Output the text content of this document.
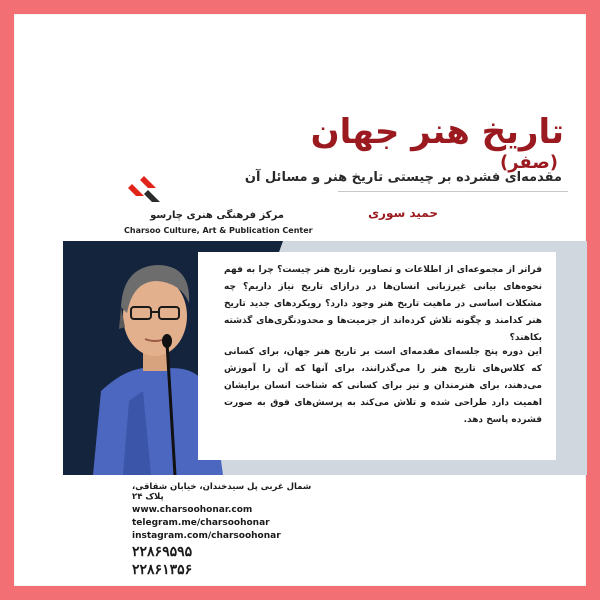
تاریخ هنر جهان (صفر)
مقدمه‌ای فشرده بر چیستی تاریخ هنر و مسائل آن
حمید سوری
مرکز فرهنگی هنری چارسو
Charsoo Culture, Art & Publication Center
فراتر از مجموعه‌ای از اطلاعات و تصاویر، تاریخ هنر چیست؟ چرا به فهم نحوه‌های بیانی غیرزبانی انسان‌ها در درازای تاریخ نیاز داریم؟ چه مشکلات اساسی در ماهیت تاریخ هنر وجود دارد؟ رویکردهای جدید تاریخ هنر کدامند و چگونه تلاش کرده‌اند از جزمیت‌ها و محدودنگری‌های گذشته بکاهند؟
این دوره پنج جلسه‌ای مقدمه‌ای است بر تاریخ هنر جهان، برای کسانی که کلاس‌های تاریخ هنر را می‌گذرانند، برای آنها که آن را آموزش می‌دهند، برای هنرمندان و نیز برای کسانی که شناخت انسان برایشان اهمیت دارد طراحی شده و تلاش می‌کند به پرسش‌های فوق به صورت فشرده پاسخ دهد.
شمال غربی پل سیدخندان، خیابان شقاقی، پلاک ۲۴
www.charsoohonar.com
telegram.me/charsoohonar
instagram.com/charsoohonar
۲۲۸۶۹۵۹۵
۲۲۸۶۱۳۵۶
